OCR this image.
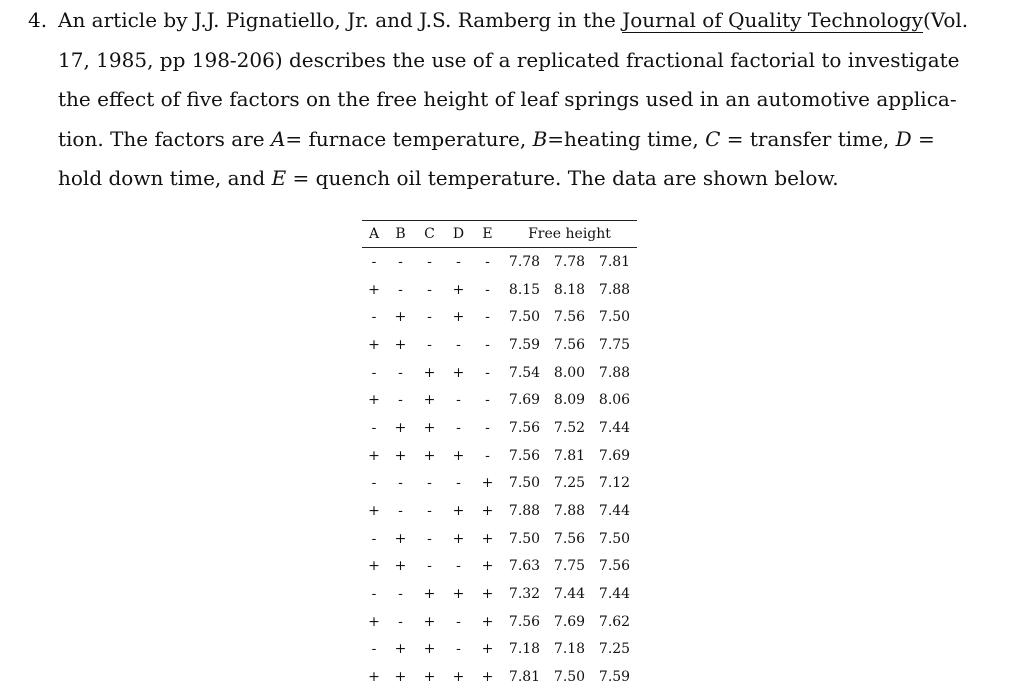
4. An article by J.J. Pignatiello, Jr. and J.S. Ramberg in the Journal of Quality Technology(Vol.
17, 1985, pp 198-206) describes the use of a replicated fractional factorial to investigate
the effect of five factors on the free height of leaf springs used in an automotive applica-
tion. The factors are A= furnace temperature, B=heating time, C = transfer time, D =
hold down time, and E = quench oil temperature. The data are shown below.
A	B	C	D	E	Free height		
-	-	-	-	-	7.78	7.78	7.81
+	-	-	+	-	8.15	8.18	7.88
-	+	-	+	-	7.50	7.56	7.50
+	+	-	-	-	7.59	7.56	7.75
-	-	+	+	-	7.54	8.00	7.88
+	-	+	-	-	7.69	8.09	8.06
-	+	+	-	-	7.56	7.52	7.44
+	+	+	+	-	7.56	7.81	7.69
-	-	-	-	+	7.50	7.25	7.12
+	-	-	+	+	7.88	7.88	7.44
-	+	-	+	+	7.50	7.56	7.50
+	+	-	-	+	7.63	7.75	7.56
-	-	+	+	+	7.32	7.44	7.44
+	-	+	-	+	7.56	7.69	7.62
-	+	+	-	+	7.18	7.18	7.25
+	+	+	+	+	7.81	7.50	7.59
